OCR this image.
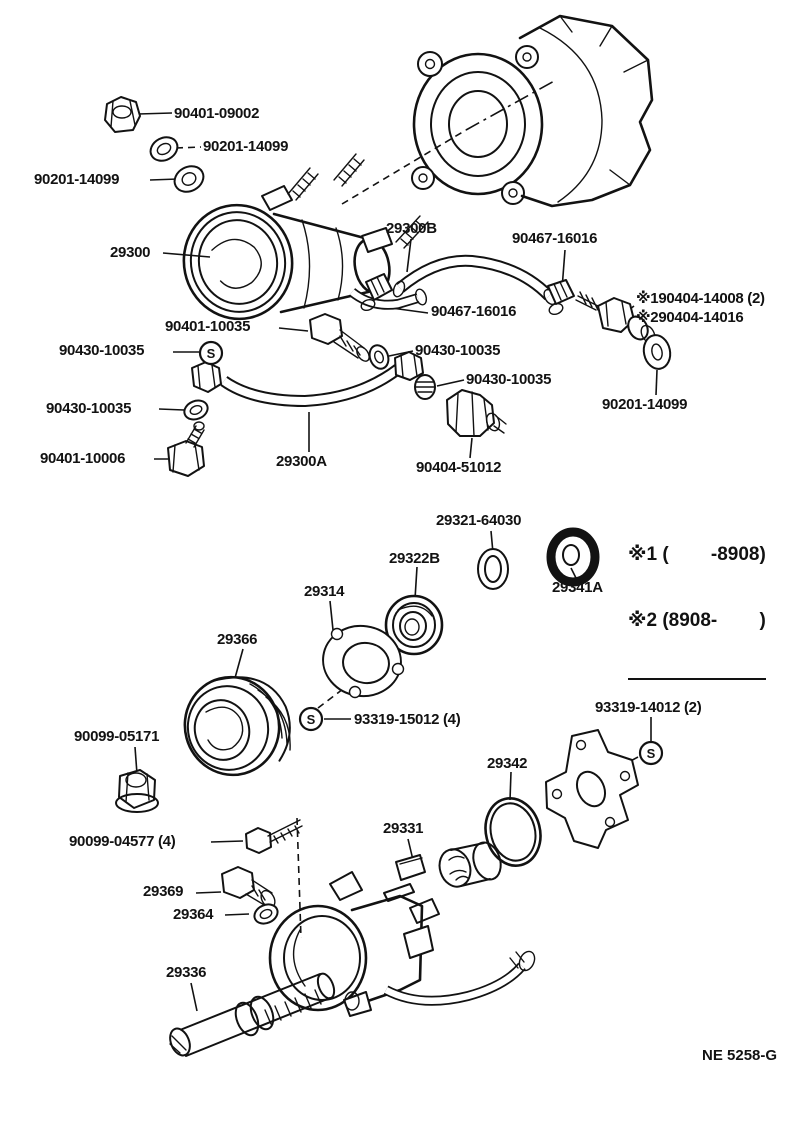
S
S
S
90401-09002
90201-14099
90201-14099
29300
29300B
90467-16016
90467-16016
※190404-14008 (2)
※290404-14016
90401-10035
90430-10035	90430-10035
90430-10035
90430-10035	90201-14099
90401-10006	29300A	90404-51012
29321-64030
29322B
29341A
29314
29366
93319-14012 (2)
93319-15012 (4)
90099-05171
29342
29331
90099-04577 (4)
29369
29364
29336

※1 (        -8908)

※2 (8908-        )

NE 5258-G
